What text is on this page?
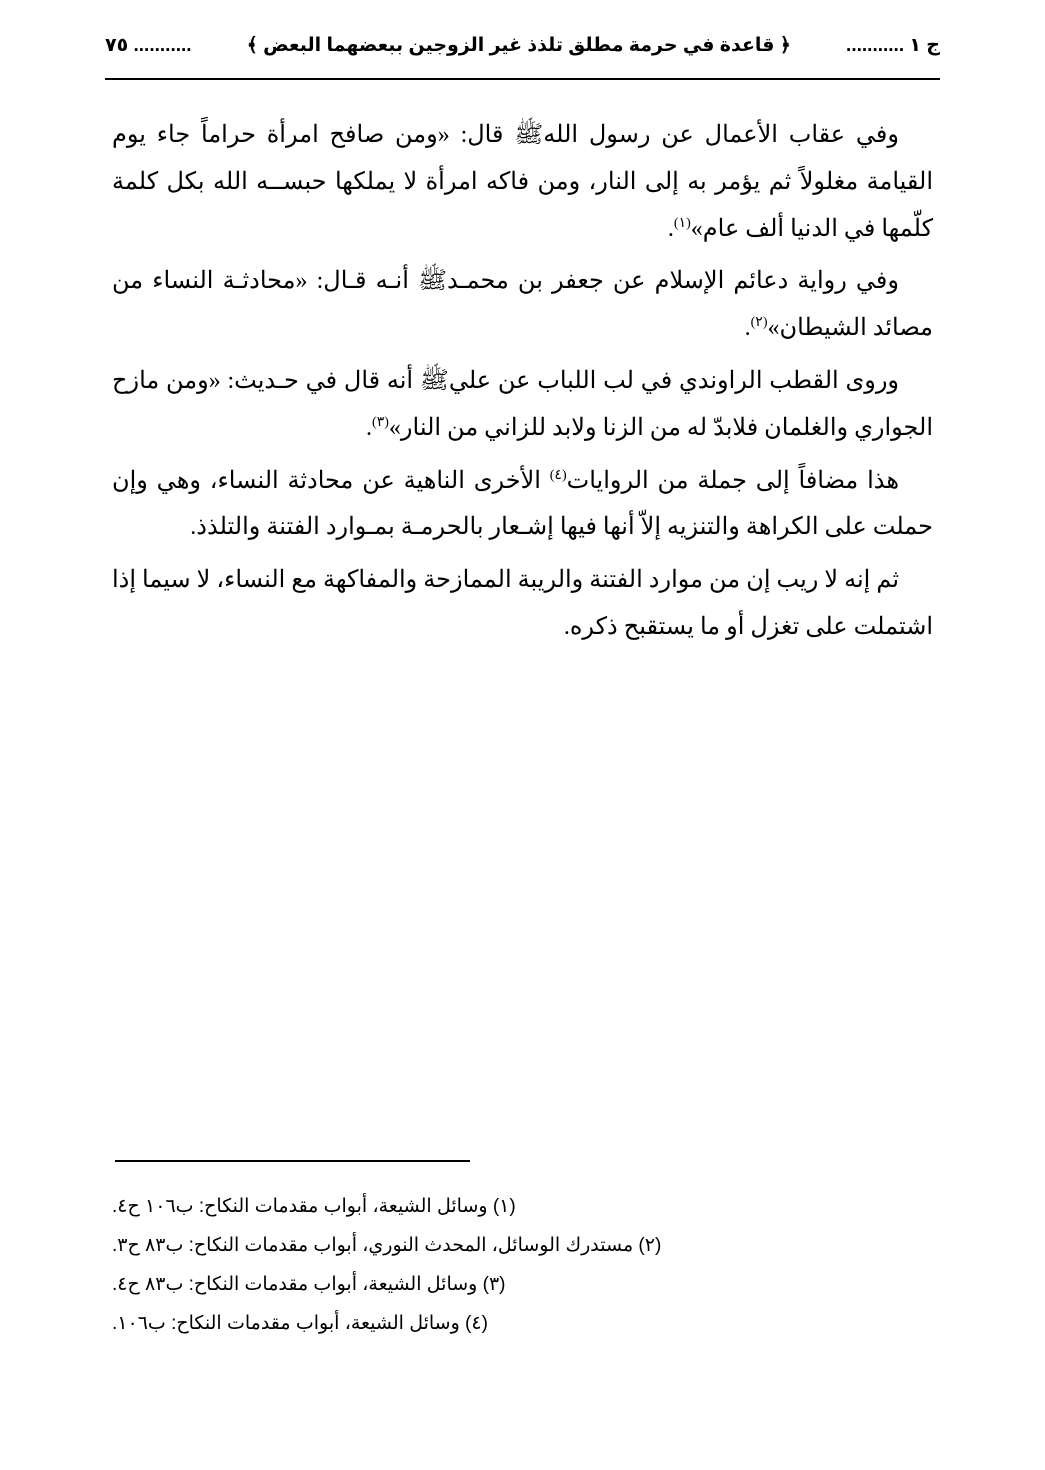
ج ١ ...........
﴿ قاعدة في حرمة مطلق تلذذ غير الزوجين ببعضهما البعض ﴾
........... ٧٥

وفي عقاب الأعمال عن رسول اللهﷺ قال: «ومن صافح امرأة حراماً جاء يوم القيامة مغلولاً ثم يؤمر به إلى النار، ومن فاكه امرأة لا يملكها حبســه الله بكل كلمة كلّمها في الدنيا ألف عام»$^{(١)}$.

وفي رواية دعائم الإسلام عن جعفر بن محمـدﷺ أنـه قـال: «محادثـة النساء من مصائد الشيطان»$^{(٢)}$.

وروى القطب الراوندي في لب اللباب عن عليﷺ أنه قال في حـديث: «ومن مازح الجواري والغلمان فلابدّ له من الزنا ولابد للزاني من النار»$^{(٣)}$.

هذا مضافاً إلى جملة من الروايات$^{(٤)}$ الأخرى الناهية عن محادثة النساء، وهي وإن حملت على الكراهة والتنزيه إلاّ أنها فيها إشـعار بالحرمـة بمـوارد الفتنة والتلذذ.

ثم إنه لا ريب إن من موارد الفتنة والريبة الممازحة والمفاكهة مع النساء، لا سيما إذا اشتملت على تغزل أو ما يستقبح ذكره.

(١) وسائل الشيعة، أبواب مقدمات النكاح: ب١٠٦ ح٤.
(٢) مستدرك الوسائل، المحدث النوري، أبواب مقدمات النكاح: ب٨٣ ح٣.
(٣) وسائل الشيعة، أبواب مقدمات النكاح: ب٨٣ ح٤.
(٤) وسائل الشيعة، أبواب مقدمات النكاح: ب١٠٦.
